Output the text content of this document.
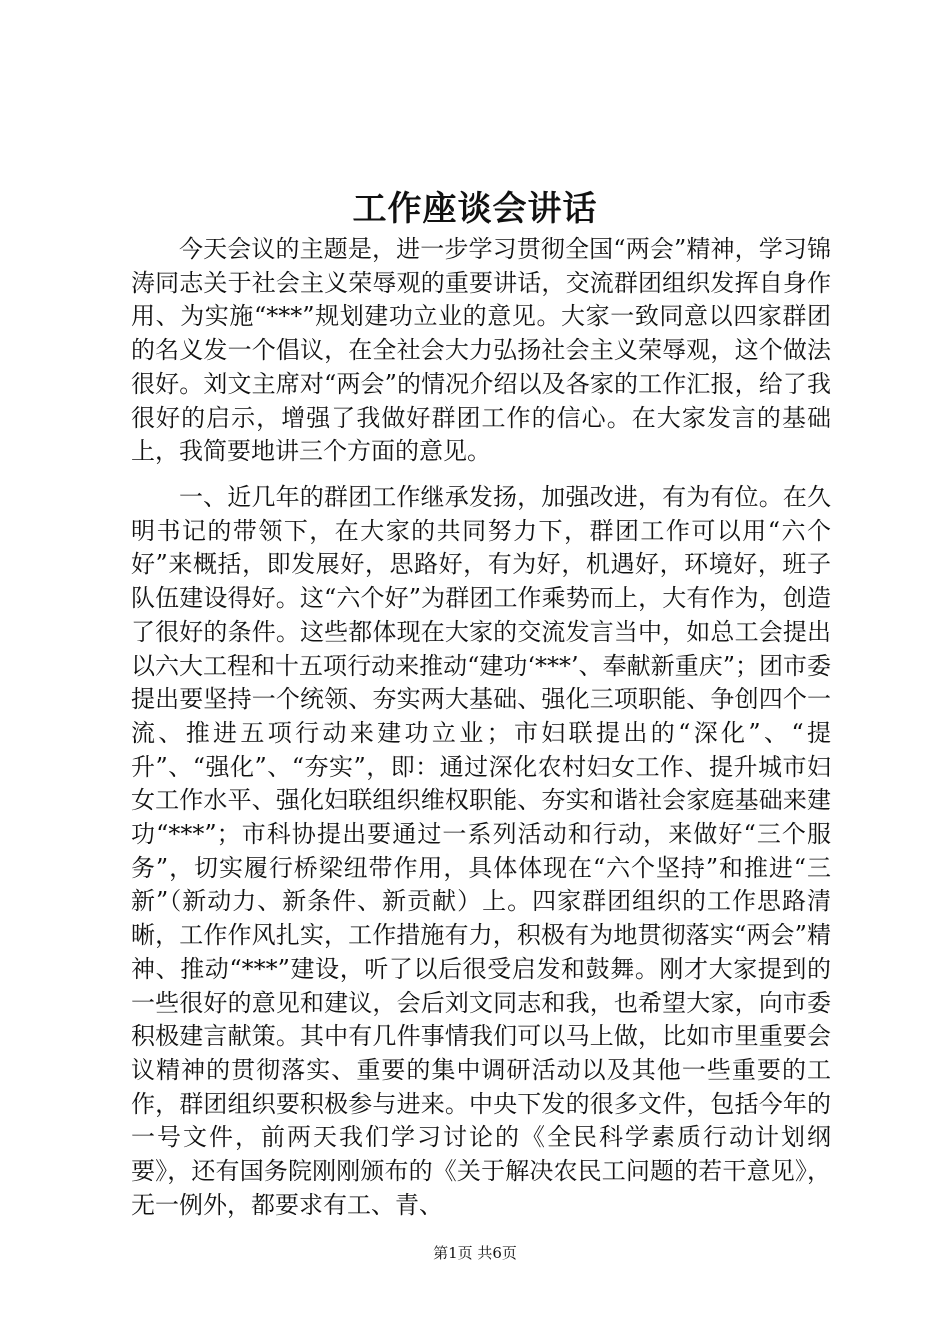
工作座谈会讲话

今天会议的主题是，进一步学习贯彻全国“两会”精神，学习锦涛同志关于社会主义荣辱观的重要讲话，交流群团组织发挥自身作用、为实施“***”规划建功立业的意见。大家一致同意以四家群团的名义发一个倡议，在全社会大力弘扬社会主义荣辱观，这个做法很好。刘文主席对“两会”的情况介绍以及各家的工作汇报，给了我很好的启示，增强了我做好群团工作的信心。在大家发言的基础上，我简要地讲三个方面的意见。

一、近几年的群团工作继承发扬，加强改进，有为有位。在久明书记的带领下，在大家的共同努力下，群团工作可以用“六个好”来概括，即发展好，思路好，有为好，机遇好，环境好，班子队伍建设得好。这“六个好”为群团工作乘势而上，大有作为，创造了很好的条件。这些都体现在大家的交流发言当中，如总工会提出以六大工程和十五项行动来推动“建功‘***’、奉献新重庆”；团市委提出要坚持一个统领、夯实两大基础、强化三项职能、争创四个一流、推进五项行动来建功立业；市妇联提出的“深化”、“提升”、“强化”、“夯实”，即：通过深化农村妇女工作、提升城市妇女工作水平、强化妇联组织维权职能、夯实和谐社会家庭基础来建功“***”；市科协提出要通过一系列活动和行动，来做好“三个服务”，切实履行桥梁纽带作用，具体体现在“六个坚持”和推进“三新”（新动力、新条件、新贡献）上。四家群团组织的工作思路清晰，工作作风扎实，工作措施有力，积极有为地贯彻落实“两会”精神、推动“***”建设，听了以后很受启发和鼓舞。刚才大家提到的一些很好的意见和建议，会后刘文同志和我，也希望大家，向市委积极建言献策。其中有几件事情我们可以马上做，比如市里重要会议精神的贯彻落实、重要的集中调研活动以及其他一些重要的工作，群团组织要积极参与进来。中央下发的很多文件，包括今年的一号文件，前两天我们学习讨论的《全民科学素质行动计划纲要》，还有国务院刚刚颁布的《关于解决农民工问题的若干意见》，无一例外，都要求有工、青、

第1页 共6页
